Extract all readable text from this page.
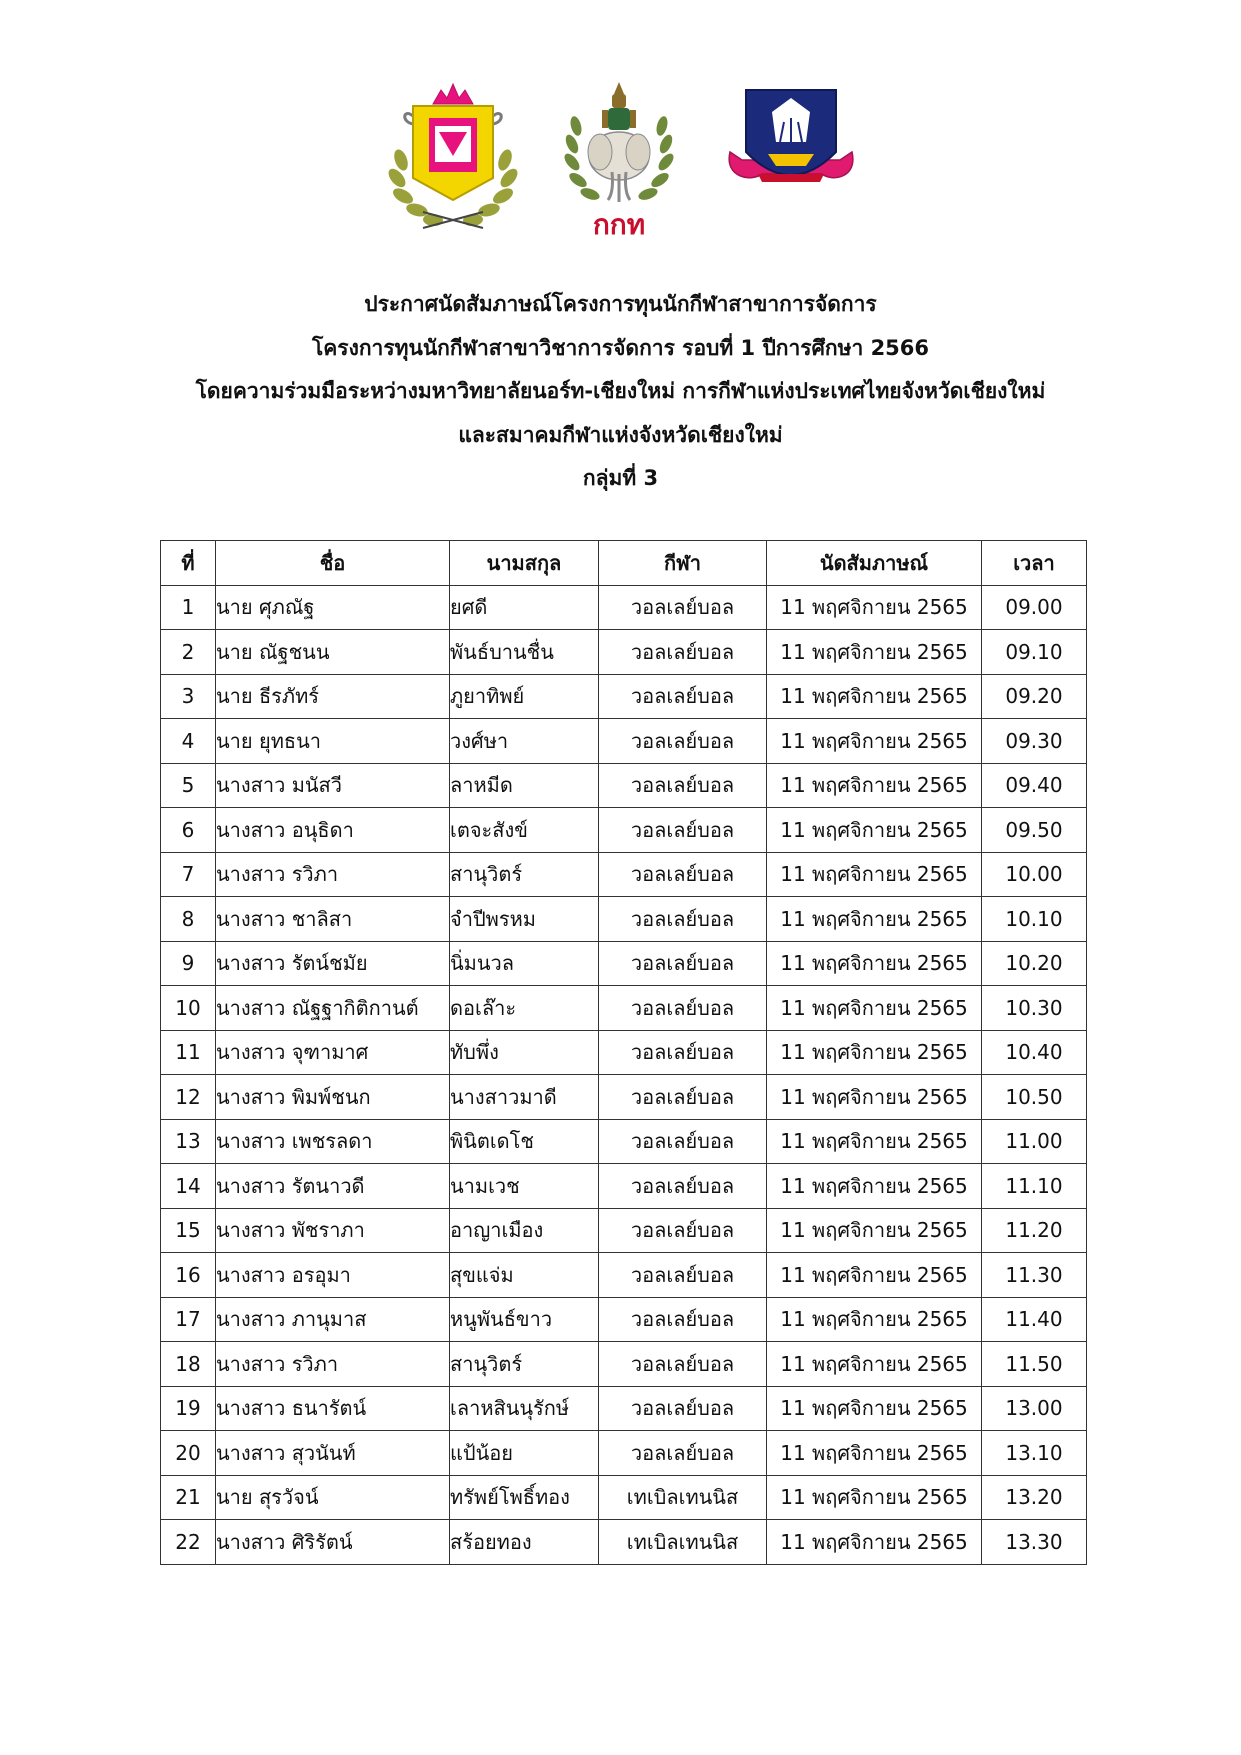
กกท
ประกาศนัดสัมภาษณ์โครงการทุนนักกีฬาสาขาการจัดการ
โครงการทุนนักกีฬาสาขาวิชาการจัดการ รอบที่ 1 ปีการศึกษา 2566
โดยความร่วมมือระหว่างมหาวิทยาลัยนอร์ท-เชียงใหม่ การกีฬาแห่งประเทศไทยจังหวัดเชียงใหม่
และสมาคมกีฬาแห่งจังหวัดเชียงใหม่
กลุ่มที่ 3
ที่	ชื่อ	นามสกุล	กีฬา	นัดสัมภาษณ์	เวลา
1	นาย ศุภณัฐ	ยศดี	วอลเลย์บอล	11 พฤศจิกายน 2565	09.00
2	นาย ณัฐชนน	พันธ์บานชื่น	วอลเลย์บอล	11 พฤศจิกายน 2565	09.10
3	นาย ธีรภัทร์	ภูยาทิพย์	วอลเลย์บอล	11 พฤศจิกายน 2565	09.20
4	นาย ยุทธนา	วงศ์ษา	วอลเลย์บอล	11 พฤศจิกายน 2565	09.30
5	นางสาว มนัสวี	ลาหมีด	วอลเลย์บอล	11 พฤศจิกายน 2565	09.40
6	นางสาว อนุธิดา	เตจะสังข์	วอลเลย์บอล	11 พฤศจิกายน 2565	09.50
7	นางสาว รวิภา	สานุวิตร์	วอลเลย์บอล	11 พฤศจิกายน 2565	10.00
8	นางสาว ชาลิสา	จำปีพรหม	วอลเลย์บอล	11 พฤศจิกายน 2565	10.10
9	นางสาว รัตน์ชมัย	นิ่มนวล	วอลเลย์บอล	11 พฤศจิกายน 2565	10.20
10	นางสาว ณัฐฐากิติกานต์	ดอเล๊าะ	วอลเลย์บอล	11 พฤศจิกายน 2565	10.30
11	นางสาว จุฑามาศ	ทับพึ่ง	วอลเลย์บอล	11 พฤศจิกายน 2565	10.40
12	นางสาว พิมพ์ชนก	นางสาวมาดี	วอลเลย์บอล	11 พฤศจิกายน 2565	10.50
13	นางสาว เพชรลดา	พินิตเดโช	วอลเลย์บอล	11 พฤศจิกายน 2565	11.00
14	นางสาว รัตนาวดี	นามเวช	วอลเลย์บอล	11 พฤศจิกายน 2565	11.10
15	นางสาว พัชราภา	อาญาเมือง	วอลเลย์บอล	11 พฤศจิกายน 2565	11.20
16	นางสาว อรอุมา	สุขแจ่ม	วอลเลย์บอล	11 พฤศจิกายน 2565	11.30
17	นางสาว ภานุมาส	หนูพันธ์ขาว	วอลเลย์บอล	11 พฤศจิกายน 2565	11.40
18	นางสาว รวิภา	สานุวิตร์	วอลเลย์บอล	11 พฤศจิกายน 2565	11.50
19	นางสาว ธนารัตน์	เลาหสินนุรักษ์	วอลเลย์บอล	11 พฤศจิกายน 2565	13.00
20	นางสาว สุวนันท์	แป้น้อย	วอลเลย์บอล	11 พฤศจิกายน 2565	13.10
21	นาย สุรวัจน์	ทรัพย์โพธิ์ทอง	เทเบิลเทนนิส	11 พฤศจิกายน 2565	13.20
22	นางสาว ศิริรัตน์	สร้อยทอง	เทเบิลเทนนิส	11 พฤศจิกายน 2565	13.30
